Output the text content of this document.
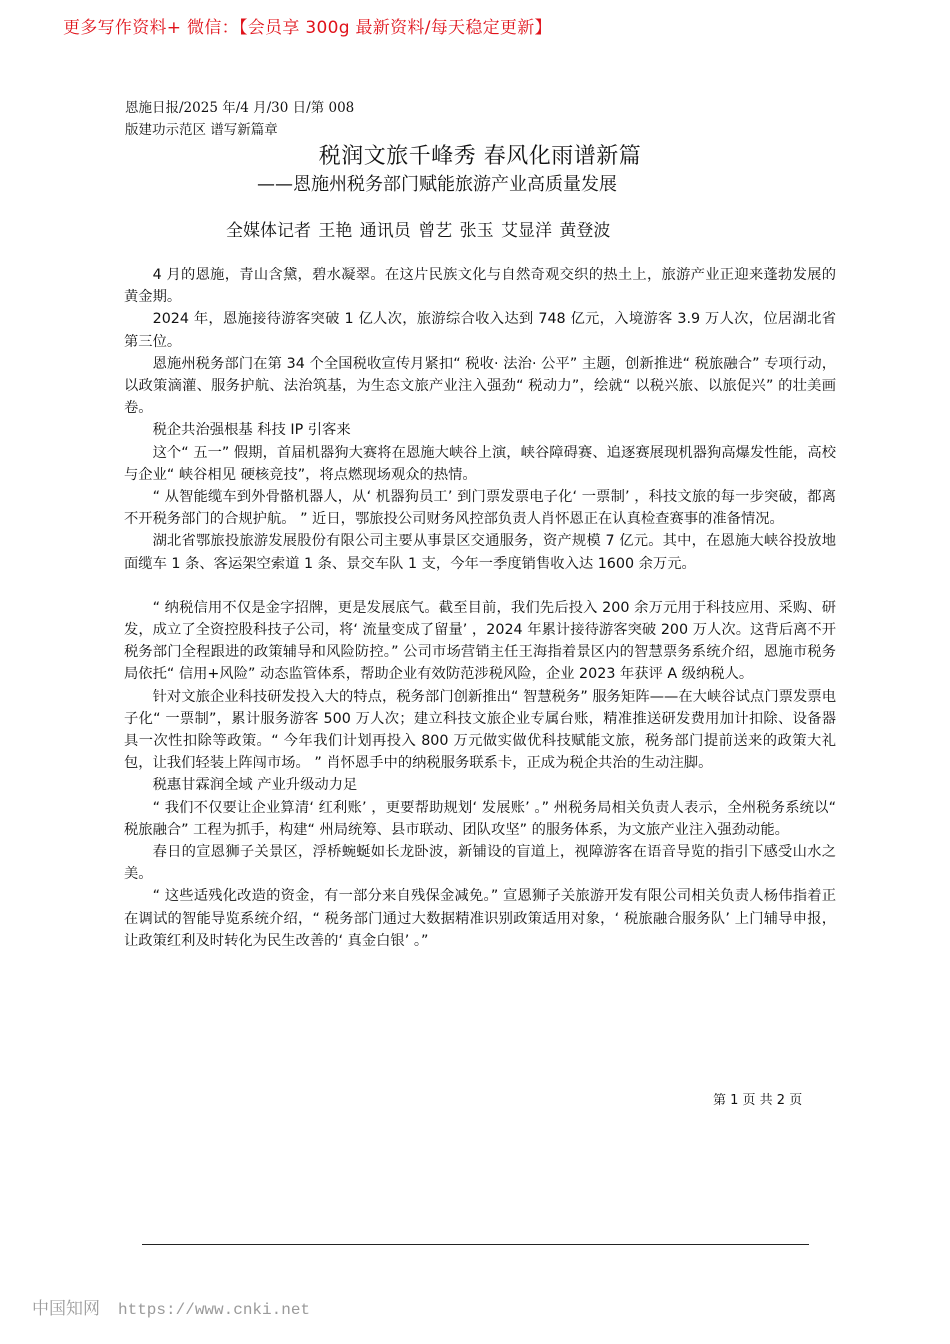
更多写作资料+ 微信：【会员享 300g 最新资料/每天稳定更新】
恩施日报/2025 年/4 月/30 日/第 008
版建功示范区 谱写新篇章
税润文旅千峰秀 春风化雨谱新篇
——恩施州税务部门赋能旅游产业高质量发展
全媒体记者 王艳 通讯员 曾艺 张玉 艾显洋 黄登波

4 月的恩施，青山含黛，碧水凝翠。在这片民族文化与自然奇观交织的热土上，旅游产业正迎来蓬勃发展的黄金期。

2024 年，恩施接待游客突破 1 亿人次，旅游综合收入达到 748 亿元，入境游客 3.9 万人次，位居湖北省第三位。

恩施州税务部门在第 34 个全国税收宣传月紧扣“ 税收· 法治· 公平” 主题，创新推进“ 税旅融合” 专项行动，以政策滴灌、服务护航、法治筑基，为生态文旅产业注入强劲“ 税动力”，绘就“ 以税兴旅、以旅促兴” 的壮美画卷。

税企共治强根基 科技 IP 引客来

这个“ 五一” 假期，首届机器狗大赛将在恩施大峡谷上演，峡谷障碍赛、追逐赛展现机器狗高爆发性能，高校与企业“ 峡谷相见 硬核竞技”，将点燃现场观众的热情。

“ 从智能缆车到外骨骼机器人，从‘ 机器狗员工’ 到门票发票电子化‘ 一票制’ ，科技文旅的每一步突破，都离不开税务部门的合规护航。 ” 近日，鄂旅投公司财务风控部负责人肖怀恩正在认真检查赛事的准备情况。

湖北省鄂旅投旅游发展股份有限公司主要从事景区交通服务，资产规模 7 亿元。其中，在恩施大峡谷投放地面缆车 1 条、客运架空索道 1 条、景交车队 1 支，今年一季度销售收入达 1600 余万元。

“ 纳税信用不仅是金字招牌，更是发展底气。截至目前，我们先后投入 200 余万元用于科技应用、采购、研发，成立了全资控股科技子公司，将‘ 流量变成了留量’ ，2024 年累计接待游客突破 200 万人次。这背后离不开税务部门全程跟进的政策辅导和风险防控。” 公司市场营销主任王海指着景区内的智慧票务系统介绍，恩施市税务局依托“ 信用+风险” 动态监管体系，帮助企业有效防范涉税风险，企业 2023 年获评 A 级纳税人。

针对文旅企业科技研发投入大的特点，税务部门创新推出“ 智慧税务” 服务矩阵——在大峡谷试点门票发票电子化“ 一票制”，累计服务游客 500 万人次；建立科技文旅企业专属台账，精准推送研发费用加计扣除、设备器具一次性扣除等政策。“ 今年我们计划再投入 800 万元做实做优科技赋能文旅，税务部门提前送来的政策大礼包，让我们轻装上阵闯市场。 ” 肖怀恩手中的纳税服务联系卡，正成为税企共治的生动注脚。

税惠甘霖润全域 产业升级动力足

“ 我们不仅要让企业算清‘ 红利账’ ，更要帮助规划‘ 发展账’ 。” 州税务局相关负责人表示，全州税务系统以“ 税旅融合” 工程为抓手，构建“ 州局统筹、县市联动、团队攻坚” 的服务体系，为文旅产业注入强劲动能。

春日的宣恩狮子关景区，浮桥蜿蜒如长龙卧波，新铺设的盲道上，视障游客在语音导览的指引下感受山水之美。

“ 这些适残化改造的资金，有一部分来自残保金减免。” 宣恩狮子关旅游开发有限公司相关负责人杨伟指着正在调试的智能导览系统介绍，“ 税务部门通过大数据精准识别政策适用对象，‘ 税旅融合服务队’ 上门辅导申报，让政策红利及时转化为民生改善的‘ 真金白银’ 。”

第 1 页 共 2 页
中国知网 https://www.cnki.net
